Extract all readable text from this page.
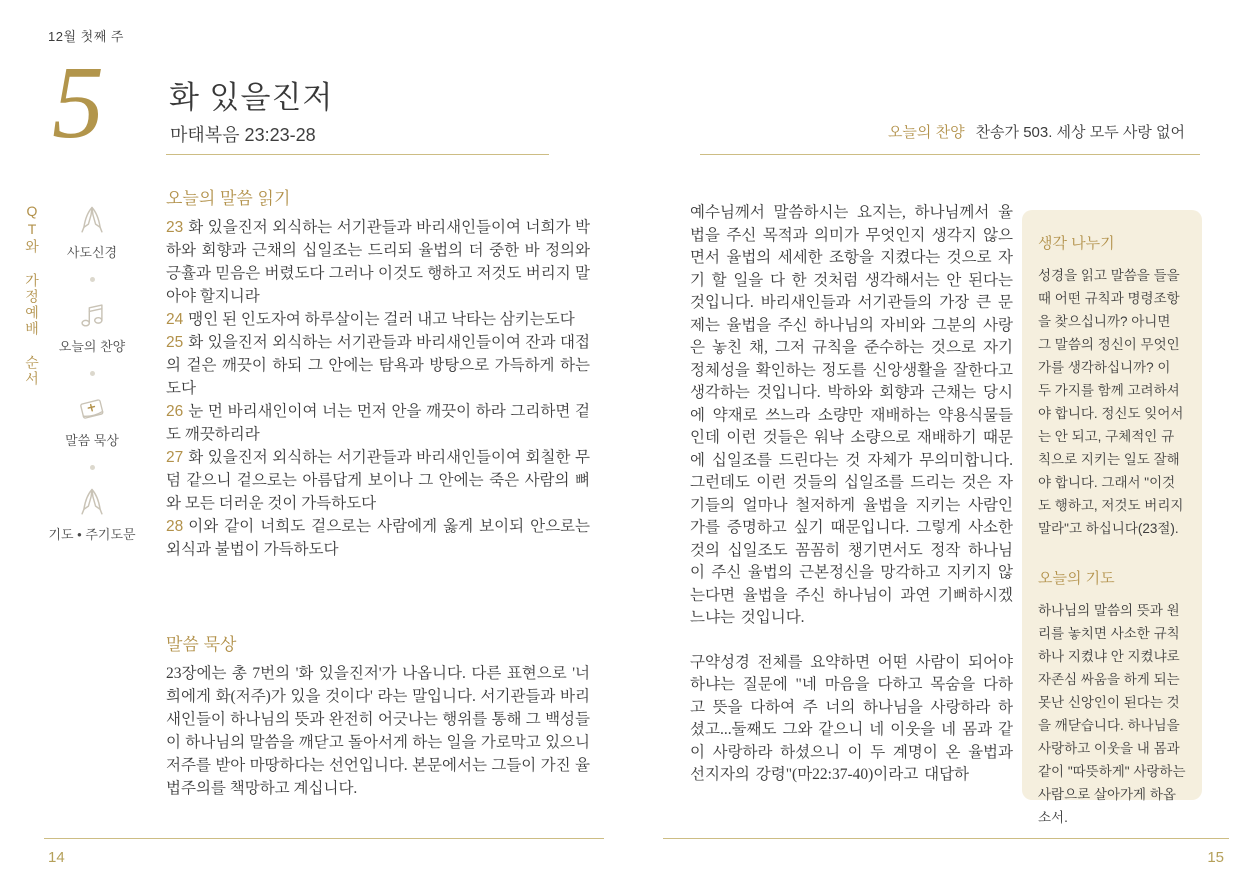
12월 첫째 주
5 화 있을진저
마태복음 23:23-28	오늘의 찬양 찬송가 503. 세상 모두 사랑 없어
QT와 가정예배 순서 사도신경
오늘의 찬양
말씀 묵상
기도 • 주기도문
오늘의 말씀 읽기

23 화 있을진저 외식하는 서기관들과 바리새인들이여 너희가 박하와 회향과 근채의 십일조는 드리되 율법의 더 중한 바 정의와 긍휼과 믿음은 버렸도다 그러나 이것도 행하고 저것도 버리지 말아야 할지니라

24 맹인 된 인도자여 하루살이는 걸러 내고 낙타는 삼키는도다

25 화 있을진저 외식하는 서기관들과 바리새인들이여 잔과 대접의 겉은 깨끗이 하되 그 안에는 탐욕과 방탕으로 가득하게 하는도다

26 눈 먼 바리새인이여 너는 먼저 안을 깨끗이 하라 그리하면 겉도 깨끗하리라

27 화 있을진저 외식하는 서기관들과 바리새인들이여 회칠한 무덤 같으니 겉으로는 아름답게 보이나 그 안에는 죽은 사람의 뼈와 모든 더러운 것이 가득하도다

28 이와 같이 너희도 겉으로는 사람에게 옳게 보이되 안으로는 외식과 불법이 가득하도다

말씀 묵상

23장에는 총 7번의 '화 있을진저'가 나옵니다. 다른 표현으로 '너희에게 화(저주)가 있을 것이다' 라는 말입니다. 서기관들과 바리새인들이 하나님의 뜻과 완전히 어긋나는 행위를 통해 그 백성들이 하나님의 말씀을 깨닫고 돌아서게 하는 일을 가로막고 있으니 저주를 받아 마땅하다는 선언입니다. 본문에서는 그들이 가진 율법주의를 책망하고 계십니다.

예수님께서 말씀하시는 요지는, 하나님께서 율법을 주신 목적과 의미가 무엇인지 생각지 않으면서 율법의 세세한 조항을 지켰다는 것으로 자기 할 일을 다 한 것처럼 생각해서는 안 된다는 것입니다. 바리새인들과 서기관들의 가장 큰 문제는 율법을 주신 하나님의 자비와 그분의 사랑은 놓친 채, 그저 규칙을 준수하는 것으로 자기 정체성을 확인하는 정도를 신앙생활을 잘한다고 생각하는 것입니다. 박하와 회향과 근채는 당시에 약재로 쓰느라 소량만 재배하는 약용식물들인데 이런 것들은 워낙 소량으로 재배하기 때문에 십일조를 드린다는 것 자체가 무의미합니다. 그런데도 이런 것들의 십일조를 드리는 것은 자기들의 얼마나 철저하게 율법을 지키는 사람인가를 증명하고 싶기 때문입니다. 그렇게 사소한 것의 십일조도 꼼꼼히 챙기면서도 정작 하나님이 주신 율법의 근본정신을 망각하고 지키지 않는다면 율법을 주신 하나님이 과연 기뻐하시겠느냐는 것입니다.

구약성경 전체를 요약하면 어떤 사람이 되어야 하냐는 질문에 "네 마음을 다하고 목숨을 다하고 뜻을 다하여 주 너의 하나님을 사랑하라 하셨고...둘째도 그와 같으니 네 이웃을 네 몸과 같이 사랑하라 하셨으니 이 두 계명이 온 율법과 선지자의 강령"(마22:37-40)이라고 대답하

생각 나누기

성경을 읽고 말씀을 들을 때 어떤 규칙과 명령조항을 찾으십니까? 아니면 그 말씀의 정신이 무엇인가를 생각하십니까? 이 두 가지를 함께 고려하셔야 합니다. 정신도 잊어서는 안 되고, 구체적인 규칙으로 지키는 일도 잘해야 합니다. 그래서 "이것도 행하고, 저것도 버리지 말라"고 하십니다(23절).

오늘의 기도

하나님의 말씀의 뜻과 원리를 놓치면 사소한 규칙 하나 지켰냐 안 지켰냐로 자존심 싸움을 하게 되는 못난 신앙인이 된다는 것을 깨닫습니다. 하나님을 사랑하고 이웃을 내 몸과 같이 "따뜻하게" 사랑하는 사람으로 살아가게 하옵소서.

14	15
